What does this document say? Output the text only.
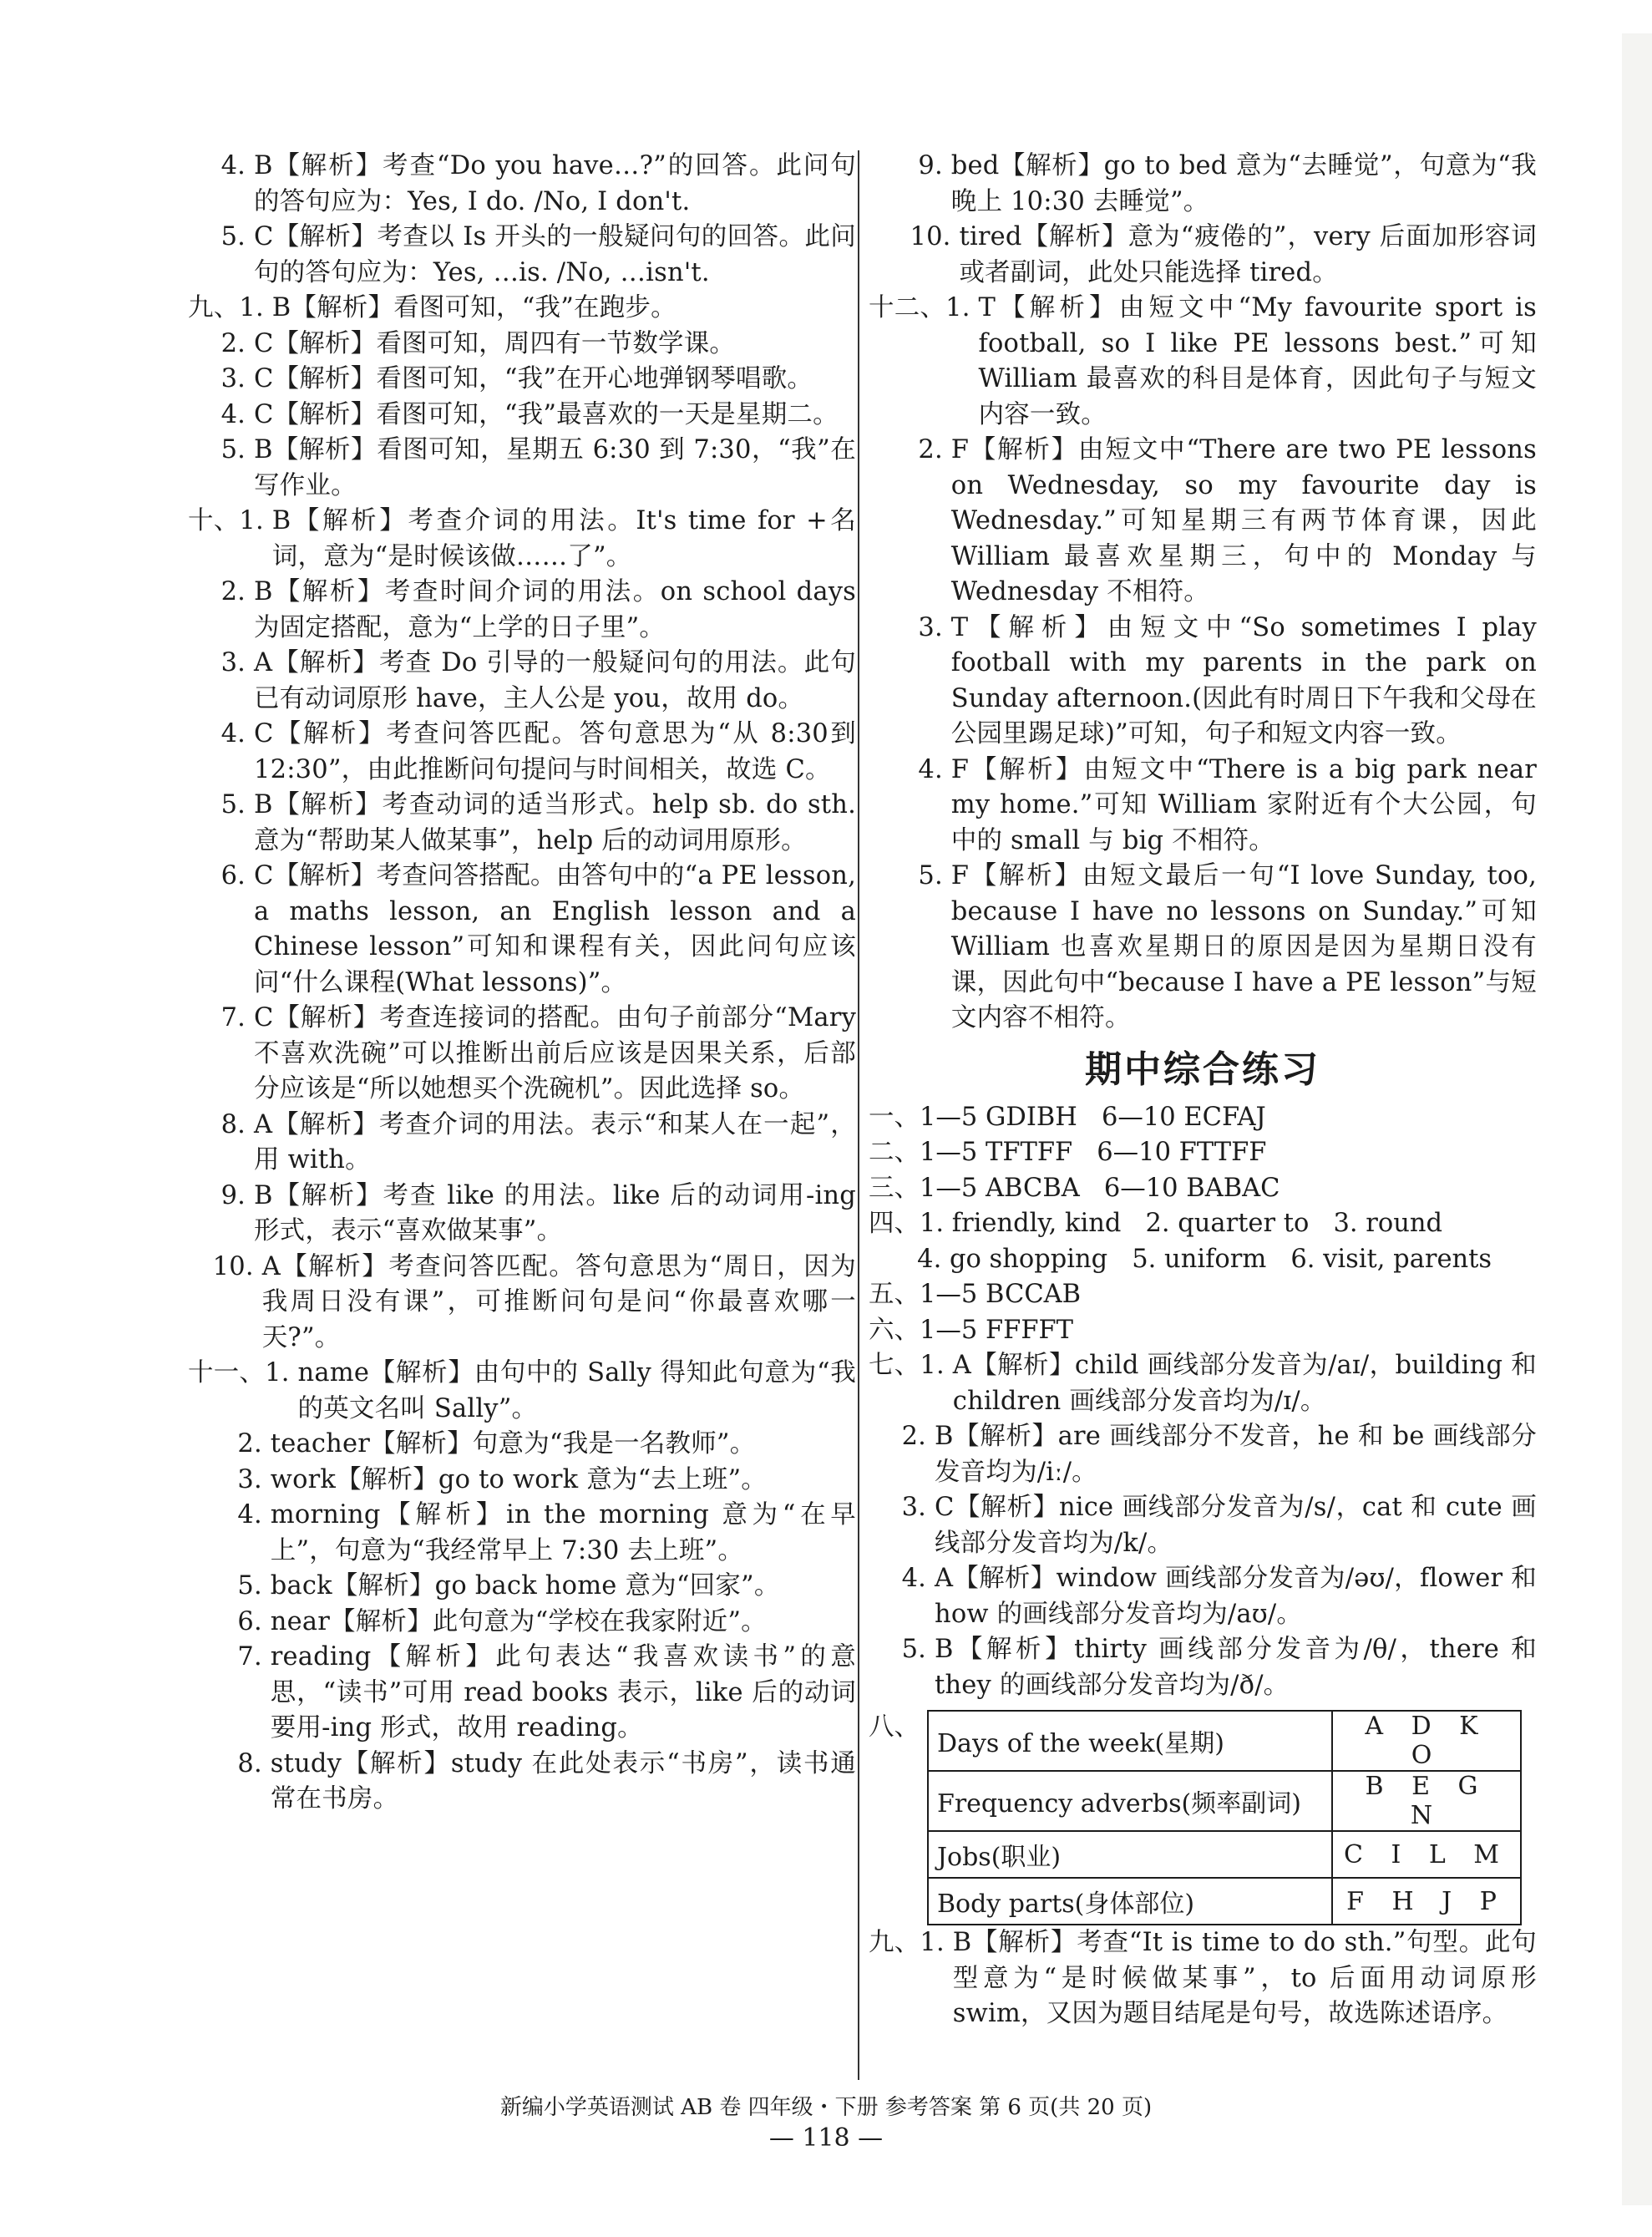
4. B【解析】考查“Do you have…?”的回答。此问句的答句应为：Yes, I do. /No, I don't.
5. C【解析】考查以 Is 开头的一般疑问句的回答。此问句的答句应为：Yes, …is. /No, …isn't.
九、1. B【解析】看图可知，“我”在跑步。
2. C【解析】看图可知，周四有一节数学课。
3. C【解析】看图可知，“我”在开心地弹钢琴唱歌。
4. C【解析】看图可知，“我”最喜欢的一天是星期二。
5. B【解析】看图可知，星期五 6:30 到 7:30，“我”在写作业。
十、1. B【解析】考查介词的用法。It's time for +名词，意为“是时候该做……了”。
2. B【解析】考查时间介词的用法。on school days 为固定搭配，意为“上学的日子里”。
3. A【解析】考查 Do 引导的一般疑问句的用法。此句已有动词原形 have，主人公是 you，故用 do。
4. C【解析】考查问答匹配。答句意思为“从 8:30到 12:30”，由此推断问句提问与时间相关，故选 C。
5. B【解析】考查动词的适当形式。help sb. do sth. 意为“帮助某人做某事”，help 后的动词用原形。
6. C【解析】考查问答搭配。由答句中的“a PE lesson, a maths lesson, an English lesson and a Chinese lesson”可知和课程有关，因此问句应该问“什么课程(What lessons)”。
7. C【解析】考查连接词的搭配。由句子前部分“Mary 不喜欢洗碗”可以推断出前后应该是因果关系，后部分应该是“所以她想买个洗碗机”。因此选择 so。
8. A【解析】考查介词的用法。表示“和某人在一起”，用 with。
9. B【解析】考查 like 的用法。like 后的动词用-ing 形式，表示“喜欢做某事”。
10. A【解析】考查问答匹配。答句意思为“周日，因为我周日没有课”，可推断问句是问“你最喜欢哪一天?”。
十一、1. name【解析】由句中的 Sally 得知此句意为“我的英文名叫 Sally”。
2. teacher【解析】句意为“我是一名教师”。
3. work【解析】go to work 意为“去上班”。
4. morning【解析】in the morning 意为“在早上”，句意为“我经常早上 7:30 去上班”。
5. back【解析】go back home 意为“回家”。
6. near【解析】此句意为“学校在我家附近”。
7. reading【解析】此句表达“我喜欢读书”的意思，“读书”可用 read books 表示，like 后的动词要用-ing 形式，故用 reading。
8. study【解析】study 在此处表示“书房”，读书通常在书房。
9. bed【解析】go to bed 意为“去睡觉”，句意为“我晚上 10:30 去睡觉”。
10. tired【解析】意为“疲倦的”，very 后面加形容词或者副词，此处只能选择 tired。
十二、1. T【解析】由短文中“My favourite sport is football, so I like PE lessons best.”可知 William 最喜欢的科目是体育，因此句子与短文内容一致。
2. F【解析】由短文中“There are two PE lessons on Wednesday, so my favourite day is Wednesday.”可知星期三有两节体育课，因此 William 最喜欢星期三，句中的 Monday 与 Wednesday 不相符。
3. T【解析】由短文中“So sometimes I play football with my parents in the park on Sunday afternoon.(因此有时周日下午我和父母在公园里踢足球)”可知，句子和短文内容一致。
4. F【解析】由短文中“There is a big park near my home.”可知 William 家附近有个大公园，句中的 small 与 big 不相符。
5. F【解析】由短文最后一句“I love Sunday, too, because I have no lessons on Sunday.”可知 William 也喜欢星期日的原因是因为星期日没有课，因此句中“because I have a PE lesson”与短文内容不相符。
期中综合练习
一、1—5 GDIBH   6—10 ECFAJ
二、1—5 TFTFF   6—10 FTTFF
三、1—5 ABCBA   6—10 BABAC
四、1. friendly, kind   2. quarter to   3. round
4. go shopping   5. uniform   6. visit, parents
五、1—5 BCCAB
六、1—5 FFFFT
七、1. A【解析】child 画线部分发音为/aɪ/，building 和 children 画线部分发音均为/ɪ/。
2. B【解析】are 画线部分不发音，he 和 be 画线部分发音均为/iː/。
3. C【解析】nice 画线部分发音为/s/，cat 和 cute 画线部分发音均为/k/。
4. A【解析】window 画线部分发音为/əʊ/，flower 和 how 的画线部分发音均为/aʊ/。
5. B【解析】thirty 画线部分发音为/θ/，there 和 they 的画线部分发音均为/ð/。
八、
Days of the week(星期)	A D K O
Frequency adverbs(频率副词)	B E G N
Jobs(职业)	C I L M
Body parts(身体部位)	F H J P
九、1. B【解析】考查“It is time to do sth.”句型。此句型意为“是时候做某事”，to 后面用动词原形 swim，又因为题目结尾是句号，故选陈述语序。
新编小学英语测试 AB 卷 四年级・下册 参考答案 第 6 页(共 20 页)
— 118 —
